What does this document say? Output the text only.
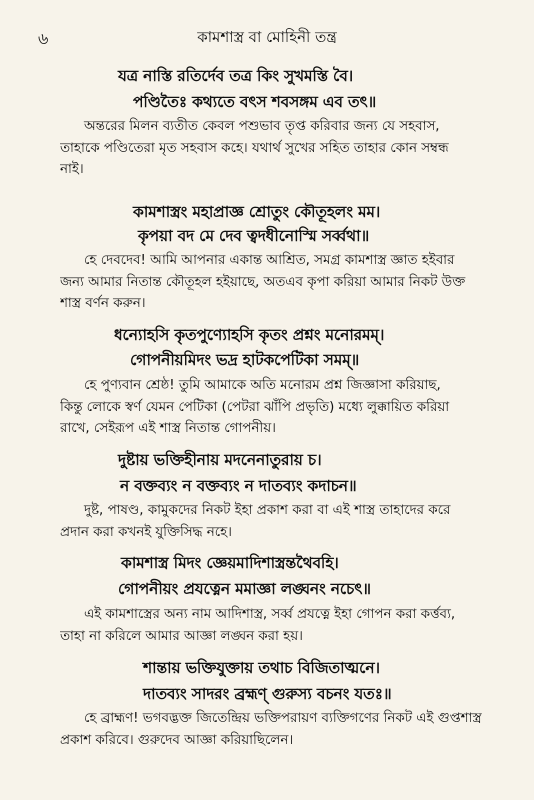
৬	কামশাস্ত্র বা মোহিনী তন্ত্র
যত্র নাস্তি রতির্দেব তত্র কিং সুখমস্তি বৈ।
পণ্ডিতৈঃ কথ্যতে বৎস শবসঙ্গম এব তৎ॥
অন্তরের মিলন ব্যতীত কেবল পশুভাব তৃপ্ত করিবার জন্য যে সহবাস,
তাহাকে পণ্ডিতেরা মৃত সহবাস কহে। যথার্থ সুখের সহিত তাহার কোন সম্বন্ধ
নাই।
কামশাস্ত্রং মহাপ্রাজ্ঞ শ্রোতুং কৌতূহলং মম।
কৃপয়া বদ মে দেব ত্বদধীনোস্মি সর্ব্বথা॥
হে দেবদেব! আমি আপনার একান্ত আশ্রিত, সমগ্র কামশাস্ত্র জ্ঞাত হইবার
জন্য আমার নিতান্ত কৌতূহল হইয়াছে, অতএব কৃপা করিয়া আমার নিকট উক্ত
শাস্ত্র বর্ণন করুন।
ধন্যোহসি কৃতপুণ্যোহসি কৃতং প্রশ্নং মনোরমম্।
গোপনীয়মিদং ভদ্র হাটকপেটিকা সমম্॥
হে পুণ্যবান শ্রেষ্ঠ! তুমি আমাকে অতি মনোরম প্রশ্ন জিজ্ঞাসা করিয়াছ,
কিন্তু লোকে স্বর্ণ যেমন পেটিকা (পেটরা ঝাঁপি প্রভৃতি) মধ্যে লুক্কায়িত করিয়া
রাখে, সেইরূপ এই শাস্ত্র নিতান্ত গোপনীয়।
দুষ্টায় ভক্তিহীনায় মদনেনাতুরায় চ।
ন বক্তব্যং ন বক্তব্যং ন দাতব্যং কদাচন॥
দুষ্ট, পাষণ্ড, কামুকদের নিকট ইহা প্রকাশ করা বা এই শাস্ত্র তাহাদের করে
প্রদান করা কখনই যুক্তিসিদ্ধ নহে।
কামশাস্ত্র মিদং জ্ঞেয়মাদিশাস্ত্রম্তথৈবহি।
গোপনীয়ং প্রযত্নেন মমাজ্ঞা লঙ্ঘনং নচেৎ॥
এই কামশাস্ত্রের অন্য নাম আদিশাস্ত্র, সর্ব্ব প্রযত্নে ইহা গোপন করা কর্ত্তব্য,
তাহা না করিলে আমার আজ্ঞা লঙ্ঘন করা হয়।
শান্তায় ভক্তিযুক্তায় তথাচ বিজিতাত্মনে।
দাতব্যং সাদরং ব্রহ্মণ্‌ গুরুস্য বচনং যতঃ॥
হে ব্রাহ্মণ! ভগবদ্ভক্ত জিতেন্দ্রিয় ভক্তিপরায়ণ ব্যক্তিগণের নিকট এই গুপ্তশাস্ত্র
প্রকাশ করিবে। গুরুদেব আজ্ঞা করিয়াছিলেন।
